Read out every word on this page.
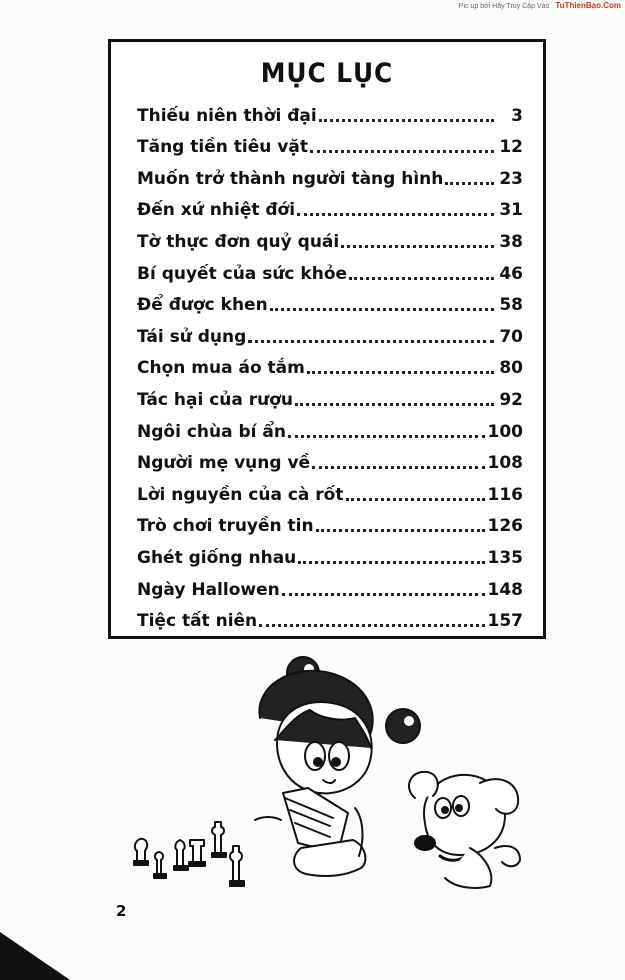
Pic up bởi Hãy Truy Cập Vào TuThienBao.Com
MỤC LỤC
Thiếu niên thời đại	3
Tăng tiền tiêu vặt	12
Muốn trở thành người tàng hình	23
Đến xứ nhiệt đới	31
Tờ thực đơn quỷ quái	38
Bí quyết của sức khỏe	46
Để được khen	58
Tái sử dụng	70
Chọn mua áo tắm	80
Tác hại của rượu	92
Ngôi chùa bí ẩn	100
Người mẹ vụng về	108
Lời nguyền của cà rốt	116
Trò chơi truyền tin	126
Ghét giống nhau	135
Ngày Hallowen	148
Tiệc tất niên	157
2
